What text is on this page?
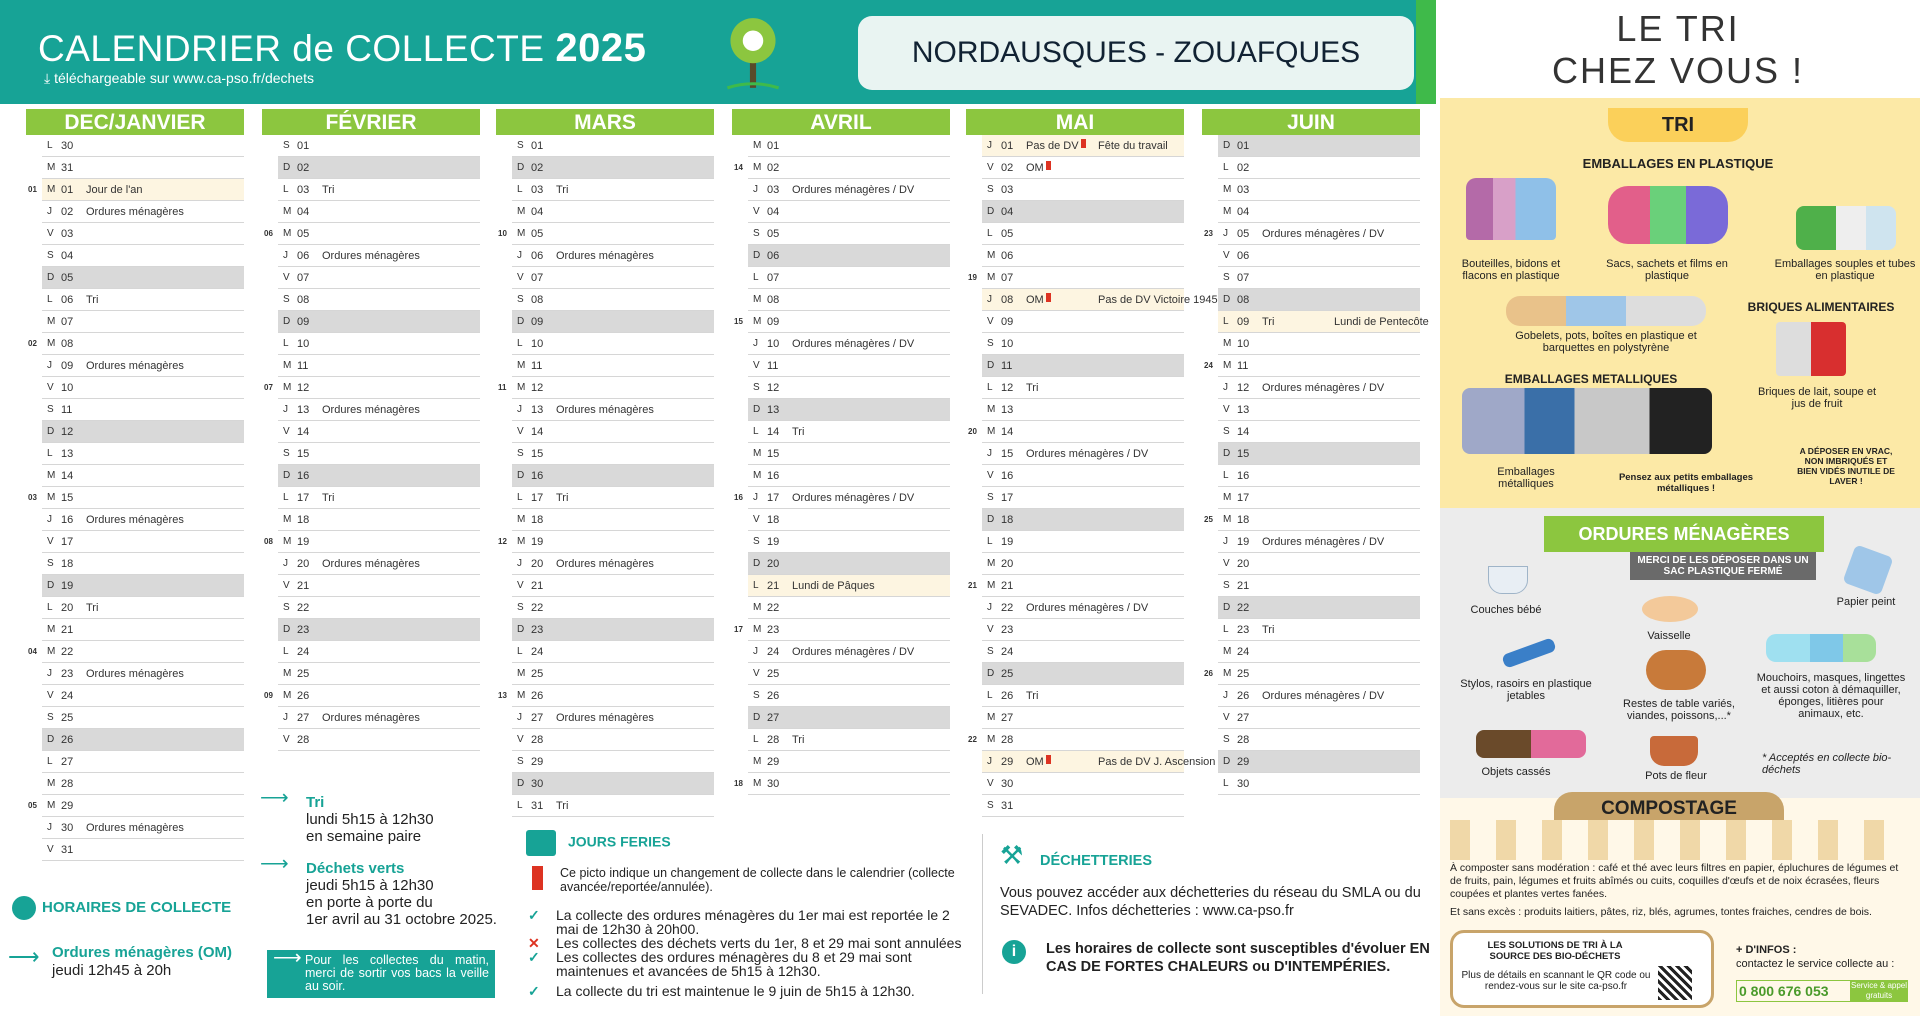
CALENDRIER de COLLECTE 2025
⤓ téléchargeable sur www.ca-pso.fr/dechets
NORDAUSQUES - ZOUAFQUES
DEC/JANVIER
L 30
M 31
01 M 01	Jour de l'an
J 02	Ordures ménagères
V 03
S 04
D 05
L 06	Tri
M 07
02 M 08
J 09	Ordures ménagères
V 10
S 11
D 12
L 13
M 14
03 M 15
J 16	Ordures ménagères
V 17
S 18
D 19
L 20	Tri
M 21
04 M 22
J 23	Ordures ménagères
V 24
S 25
D 26
L 27
M 28
05 M 29
J 30	Ordures ménagères
V 31
FÉVRIER
S 01
D 02
L 03	Tri
M 04
06 M 05
J 06	Ordures ménagères
V 07
S 08
D 09
L 10
M 11
07 M 12
J 13	Ordures ménagères
V 14
S 15
D 16
L 17	Tri
M 18
08 M 19
J 20	Ordures ménagères
V 21
S 22
D 23
L 24
M 25
09 M 26
J 27	Ordures ménagères
V 28
MARS
S 01
D 02
L 03	Tri
M 04
10 M 05
J 06	Ordures ménagères
V 07
S 08
D 09
L 10
M 11
11 M 12
J 13	Ordures ménagères
V 14
S 15
D 16
L 17	Tri
M 18
12 M 19
J 20	Ordures ménagères
V 21
S 22
D 23
L 24
M 25
13 M 26
J 27	Ordures ménagères
V 28
S 29
D 30
L 31	Tri
AVRIL
M 01
14 M 02
J 03	Ordures ménagères / DV
V 04
S 05
D 06
L 07
M 08
15 M 09
J 10	Ordures ménagères / DV
V 11
S 12
D 13
L 14	Tri
M 15
M 16
16 J 17	Ordures ménagères / DV
V 18
S 19
D 20
L 21	Lundi de Pâques
M 22
17 M 23
J 24	Ordures ménagères / DV
V 25
S 26
D 27
L 28	Tri
M 29
18 M 30
MAI
J 01	Pas de DV Fête du travail
V 02	OM
S 03
D 04
L 05
M 06
19 M 07
J 08	OM	Pas de DV Victoire 1945
V 09
S 10
D 11
L 12	Tri
M 13
20 M 14
J 15	Ordures ménagères / DV
V 16
S 17
D 18
L 19
M 20
21 M 21
J 22	Ordures ménagères / DV
V 23
S 24
D 25
L 26	Tri
M 27
22 M 28
J 29	OM	Pas de DV J. Ascension
V 30
S 31
JUIN
D 01
L 02
M 03
M 04
23 J 05	Ordures ménagères / DV
V 06
S 07
D 08
L 09	Tri	Lundi de Pentecôte
M 10
24 M 11
J 12	Ordures ménagères / DV
V 13
S 14
D 15
L 16
M 17
25 M 18
J 19	Ordures ménagères / DV
V 20
S 21
D 22
L 23	Tri
M 24
26 M 25
J 26	Ordures ménagères / DV
V 27
S 28
D 29
L 30
HORAIRES DE COLLECTE
⟶ Ordures ménagères (OM)
jeudi 12h45 à 20h
⟶ Tri
lundi 5h15 à 12h30
en semaine paire
⟶ Déchets verts
jeudi 5h15 à 12h30
en porte à porte du
1er avril au 31 octobre 2025.
⟶ Pour les collectes du matin, merci de sortir vos bacs la veille au soir.
JOURS FERIES
Ce picto indique un changement de collecte dans le calendrier (collecte avancée/reportée/annulée).
✓ La collecte des ordures ménagères du 1er mai est reportée le 2 mai de 12h30 à 20h00.
✕ Les collectes des déchets verts du 1er, 8 et 29 mai sont annulées
✓ Les collectes des ordures ménagères du 8 et 29 mai sont maintenues et avancées de 5h15 à 12h30.
✓ La collecte du tri est maintenue le 9 juin de 5h15 à 12h30.
⚒ DÉCHETTERIES
Vous pouvez accéder aux déchetteries du réseau du SMLA ou du SEVADEC. Infos déchetteries : www.ca-pso.fr
i	Les horaires de collecte sont susceptibles d'évoluer EN CAS DE FORTES CHALEURS ou D'INTEMPÉRIES.
LE TRI
CHEZ VOUS !
TRI
EMBALLAGES EN PLASTIQUE
Bouteilles, bidons et flacons en plastique
Sacs, sachets et films en plastique
Emballages souples et tubes en plastique
Gobelets, pots, boîtes en plastique et barquettes en polystyrène
BRIQUES ALIMENTAIRES
Briques de lait, soupe et jus de fruit
EMBALLAGES METALLIQUES
Emballages métalliques
Pensez aux petits emballages métalliques !
A DÉPOSER EN VRAC, NON IMBRIQUÉS ET BIEN VIDÉS INUTILE DE LAVER !
ORDURES MÉNAGÈRES
MERCI DE LES DÉPOSER DANS UN SAC PLASTIQUE FERMÉ
Couches bébé
Papier peint
Vaisselle
Stylos, rasoirs en plastique jetables
Restes de table variés, viandes, poissons,...*
Mouchoirs, masques, lingettes et aussi coton à démaquiller, éponges, litières pour animaux, etc.
Objets cassés	Pots de fleur
* Acceptés en collecte bio-déchets
COMPOSTAGE
À composter sans modération : café et thé avec leurs filtres en papier, épluchures de légumes et de fruits, pain, légumes et fruits abîmés ou cuits, coquilles d'œufs et de noix écrasées, fleurs coupées et plantes vertes fanées.
Et sans excès : produits laitiers, pâtes, riz, blés, agrumes, tontes fraiches, cendres de bois.
LES SOLUTIONS DE TRI À LA SOURCE DES BIO-DÉCHETS
Plus de détails en scannant le QR code ou rendez-vous sur le site ca-pso.fr
+ D'INFOS :
contactez le service collecte au :
0 800 676 053	Service & appel gratuits
